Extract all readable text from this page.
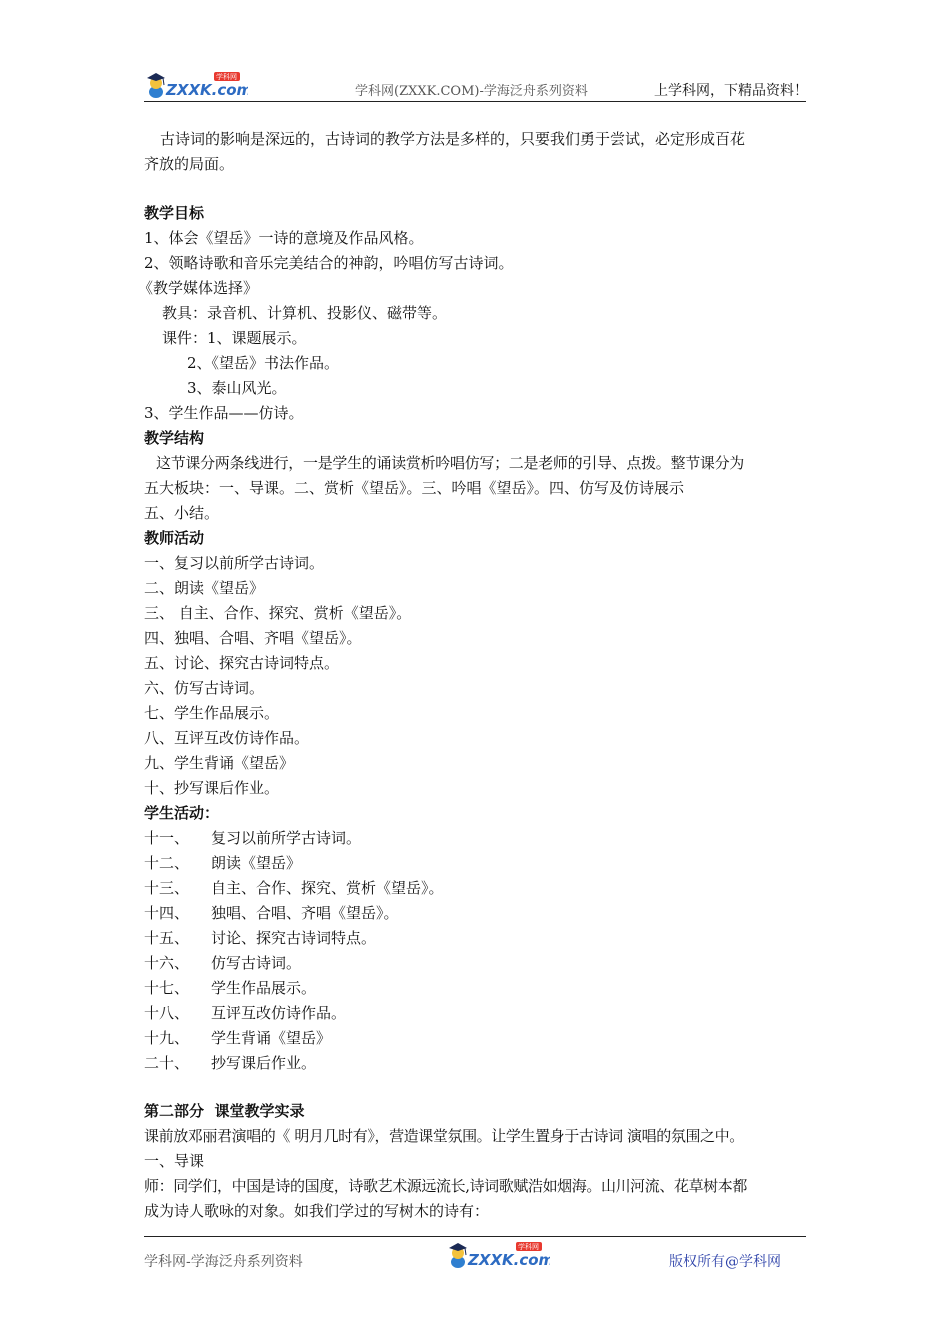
ZXXK.com
学科网
学科网(ZXXK.COM)-学海泛舟系列资料	上学科网，下精品资料！
古诗词的影响是深远的，古诗词的教学方法是多样的，只要我们勇于尝试，必定形成百花
齐放的局面。
教学目标
1、体会《望岳》一诗的意境及作品风格。
2、领略诗歌和音乐完美结合的神韵，吟唱仿写古诗词。
《教学媒体选择》
教具：录音机、计算机、投影仪、磁带等。
课件：1、课题展示。
2、《望岳》书法作品。
3、泰山风光。
3、学生作品——仿诗。
教学结构
这节课分两条线进行，一是学生的诵读赏析吟唱仿写；二是老师的引导、点拨。整节课分为
五大板块：一、导课。二、赏析《望岳》。三、吟唱《望岳》。四、仿写及仿诗展示
五、小结。
教师活动
一、复习以前所学古诗词。
二、朗读《望岳》
三、 自主、合作、探究、赏析《望岳》。
四、独唱、合唱、齐唱《望岳》。
五、讨论、探究古诗词特点。
六、仿写古诗词。
七、学生作品展示。
八、互评互改仿诗作品。
九、学生背诵《望岳》
十、抄写课后作业。
学生活动：
十一、 复习以前所学古诗词。
十二、 朗读《望岳》
十三、 自主、合作、探究、赏析《望岳》。
十四、 独唱、合唱、齐唱《望岳》。
十五、 讨论、探究古诗词特点。
十六、 仿写古诗词。
十七、 学生作品展示。
十八、 互评互改仿诗作品。
十九、 学生背诵《望岳》
二十、 抄写课后作业。
第二部分  课堂教学实录
课前放邓丽君演唱的《 明月几时有》，营造课堂氛围。让学生置身于古诗词 演唱的氛围之中。
一、导课
师：同学们，中国是诗的国度，诗歌艺术源远流长,诗词歌赋浩如烟海。山川河流、花草树本都
成为诗人歌咏的对象。如我们学过的写树木的诗有：
学科网-学海泛舟系列资料	ZXXK.com
学科网
版权所有@学科网
